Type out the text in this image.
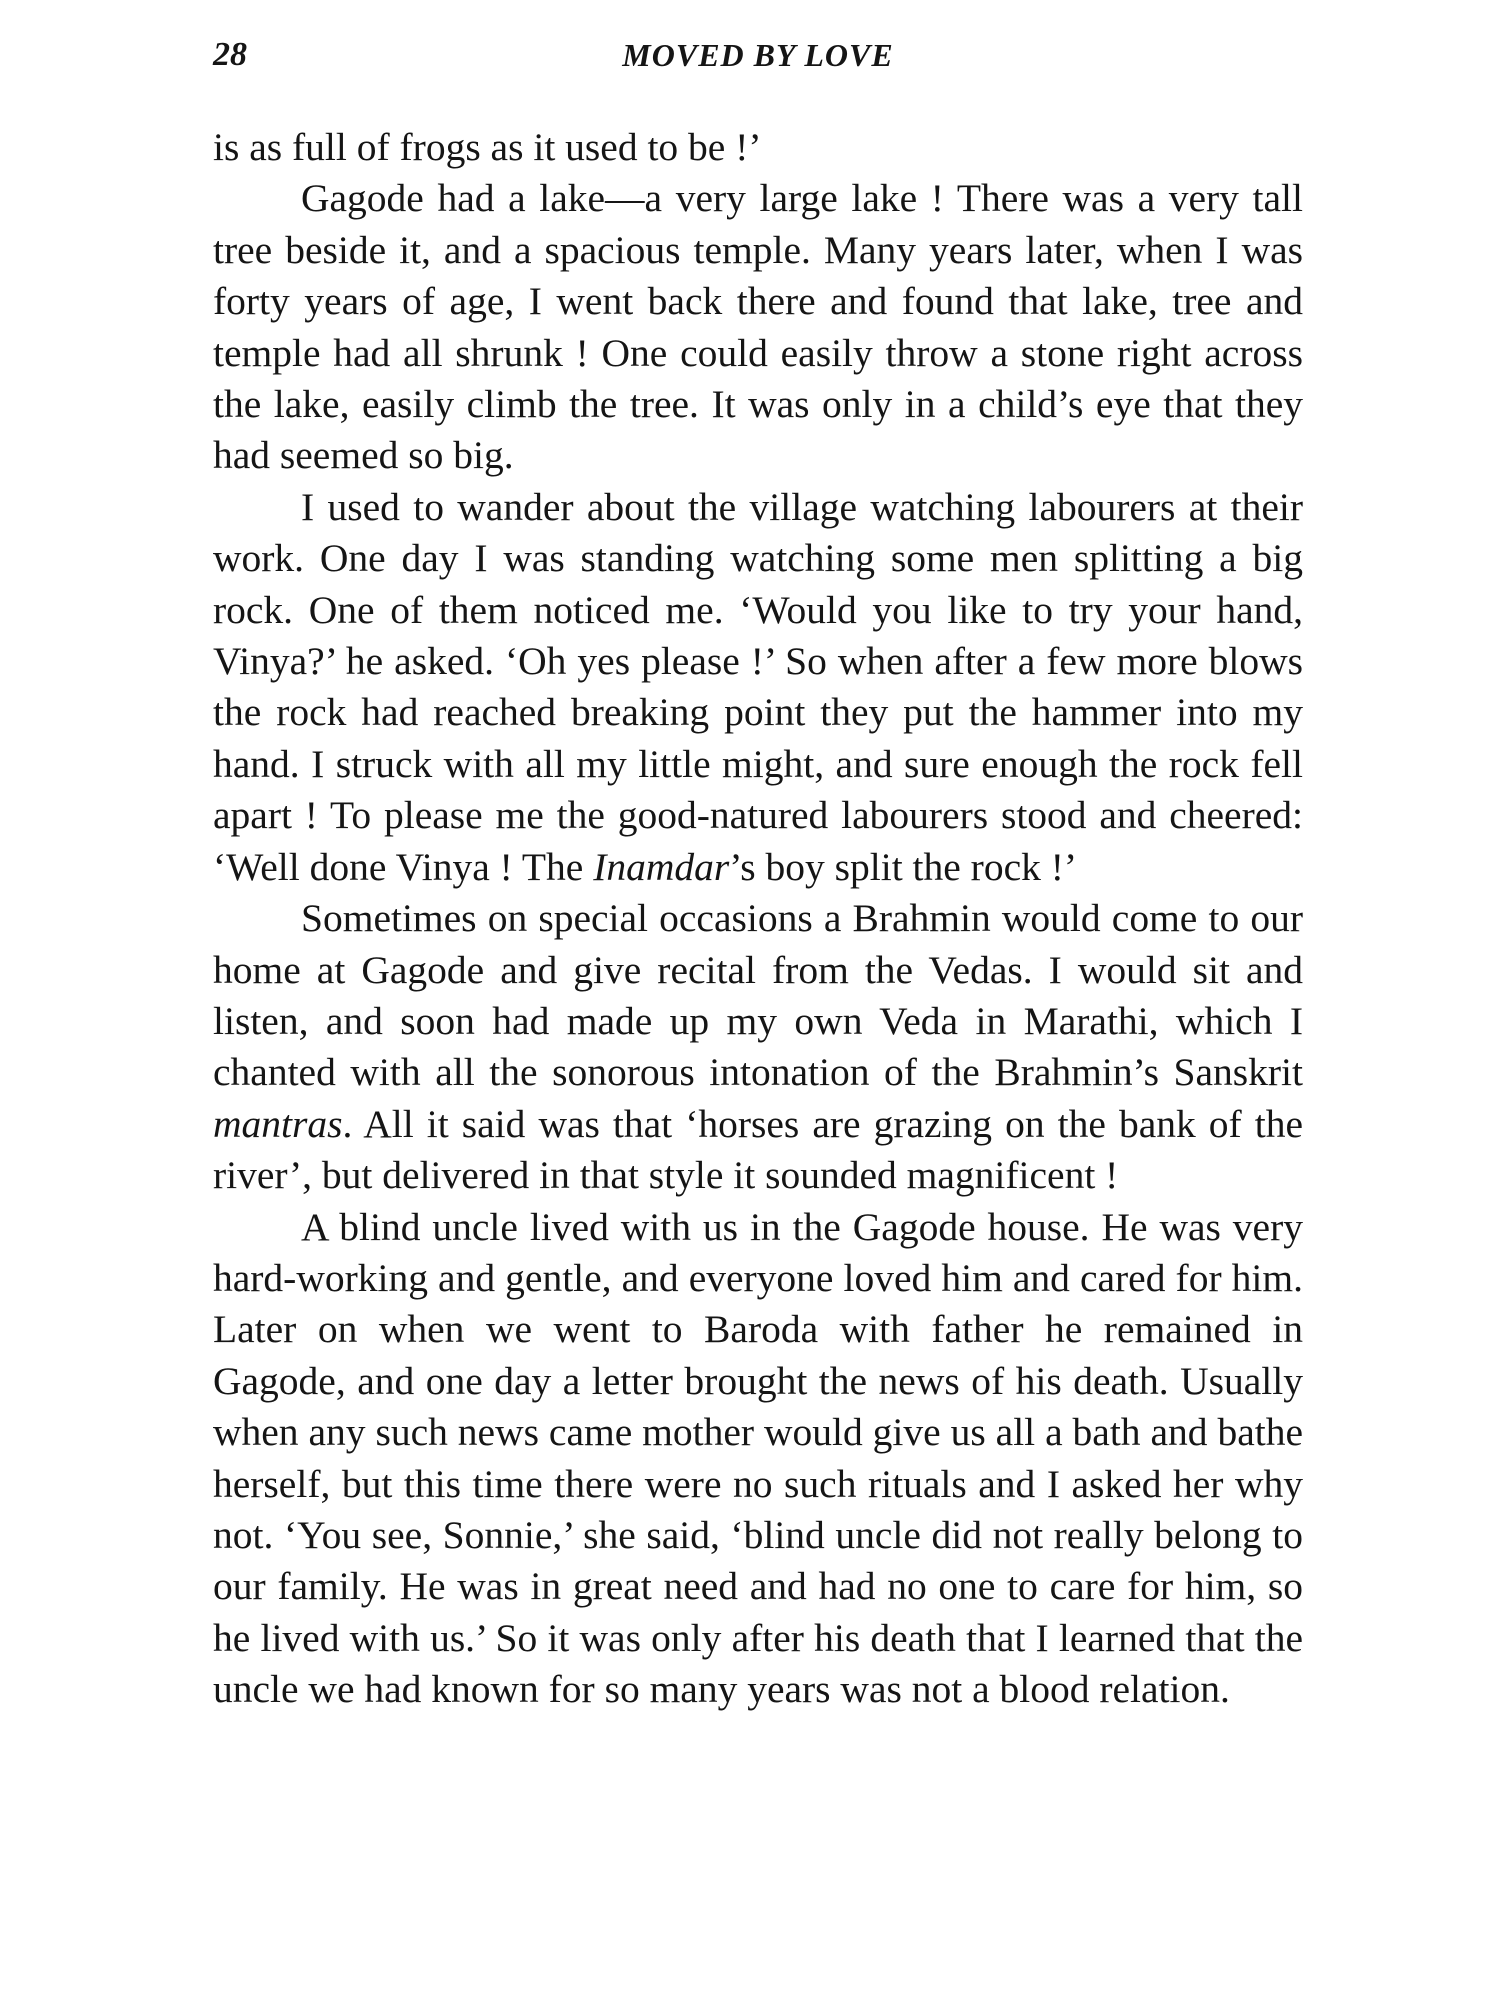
28	MOVED BY LOVE

is as full of frogs as it used to be !’

Gagode had a lake—a very large lake ! There was a very tall tree beside it, and a spacious temple. Many years later, when I was forty years of age, I went back there and found that lake, tree and temple had all shrunk ! One could easily throw a stone right across the lake, easily climb the tree. It was only in a child’s eye that they had seemed so big.

I used to wander about the village watching labourers at their work. One day I was standing watching some men splitting a big rock. One of them noticed me. ‘Would you like to try your hand, Vinya?’ he asked. ‘Oh yes please !’ So when after a few more blows the rock had reached breaking point they put the hammer into my hand. I struck with all my little might, and sure enough the rock fell apart ! To please me the good-natured labourers stood and cheered: ‘Well done Vinya ! The Inamdar’s boy split the rock !’

Sometimes on special occasions a Brahmin would come to our home at Gagode and give recital from the Vedas. I would sit and listen, and soon had made up my own Veda in Marathi, which I chanted with all the sonorous intonation of the Brahmin’s Sanskrit mantras. All it said was that ‘horses are grazing on the bank of the river’, but delivered in that style it sounded magnificent !

A blind uncle lived with us in the Gagode house. He was very hard-working and gentle, and everyone loved him and cared for him. Later on when we went to Baroda with father he remained in Gagode, and one day a letter brought the news of his death. Usually when any such news came mother would give us all a bath and bathe herself, but this time there were no such rituals and I asked her why not. ‘You see, Sonnie,’ she said, ‘blind uncle did not really belong to our family. He was in great need and had no one to care for him, so he lived with us.’ So it was only after his death that I learned that the uncle we had known for so many years was not a blood relation.
